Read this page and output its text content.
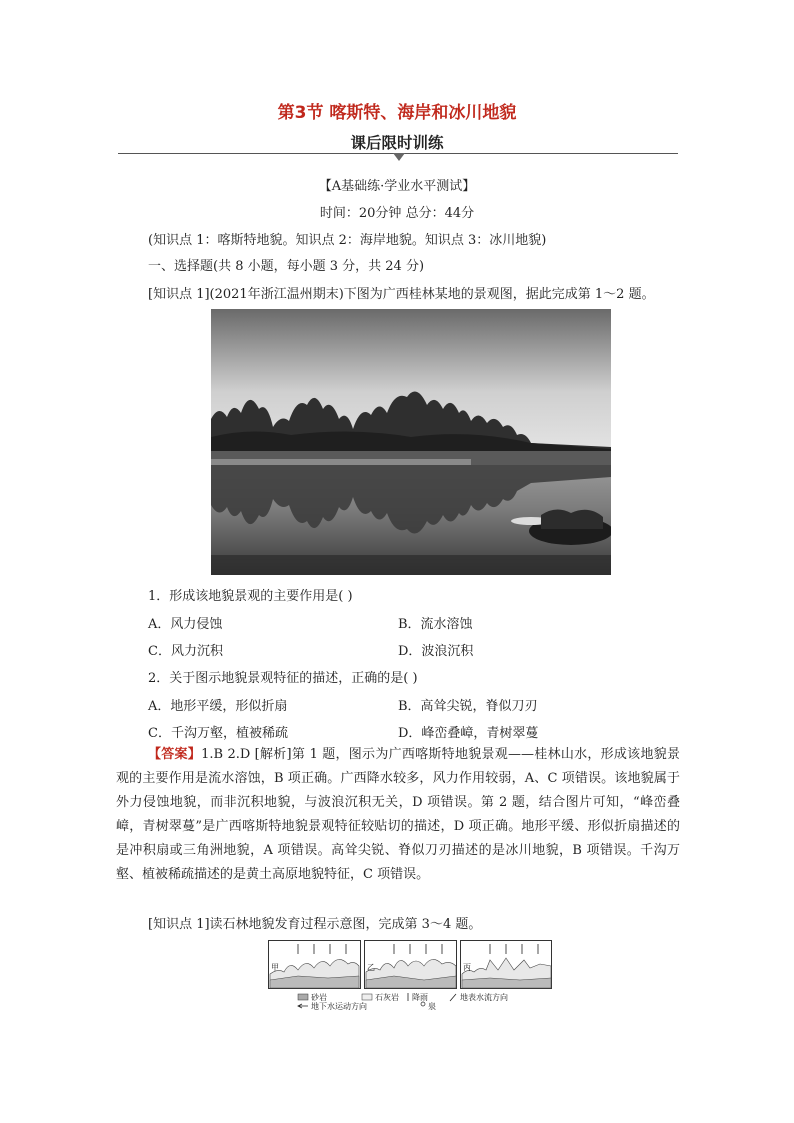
第3节 喀斯特、海岸和冰川地貌
课后限时训练
【A基础练·学业水平测试】
时间：20分钟 总分：44分
(知识点 1：喀斯特地貌。知识点 2：海岸地貌。知识点 3：冰川地貌)
一、选择题(共 8 小题，每小题 3 分，共 24 分)
[知识点 1](2021年浙江温州期末)下图为广西桂林某地的景观图，据此完成第 1～2 题。
1．形成该地貌景观的主要作用是( )
A．风力侵蚀	B．流水溶蚀
C．风力沉积	D．波浪沉积
2．关于图示地貌景观特征的描述，正确的是( )
A．地形平缓，形似折扇	B．高耸尖锐，脊似刀刃
C．千沟万壑，植被稀疏	D．峰峦叠嶂，青树翠蔓
【答案】1.B 2.D [解析]第 1 题，图示为广西喀斯特地貌景观——桂林山水，形成该地貌景观的主要作用是流水溶蚀，B 项正确。广西降水较多，风力作用较弱，A、C 项错误。该地貌属于外力侵蚀地貌，而非沉积地貌，与波浪沉积无关，D 项错误。第 2 题，结合图片可知，“峰峦叠嶂，青树翠蔓”是广西喀斯特地貌景观特征较贴切的描述，D 项正确。地形平缓、形似折扇描述的是冲积扇或三角洲地貌，A 项错误。高耸尖锐、脊似刀刃描述的是冰川地貌，B 项错误。千沟万壑、植被稀疏描述的是黄土高原地貌特征，C 项错误。
[知识点 1]读石林地貌发育过程示意图，完成第 3～4 题。
甲	乙	丙
砂岩	石灰岩 降雨	地表水流方向
地下水运动方向	泉
